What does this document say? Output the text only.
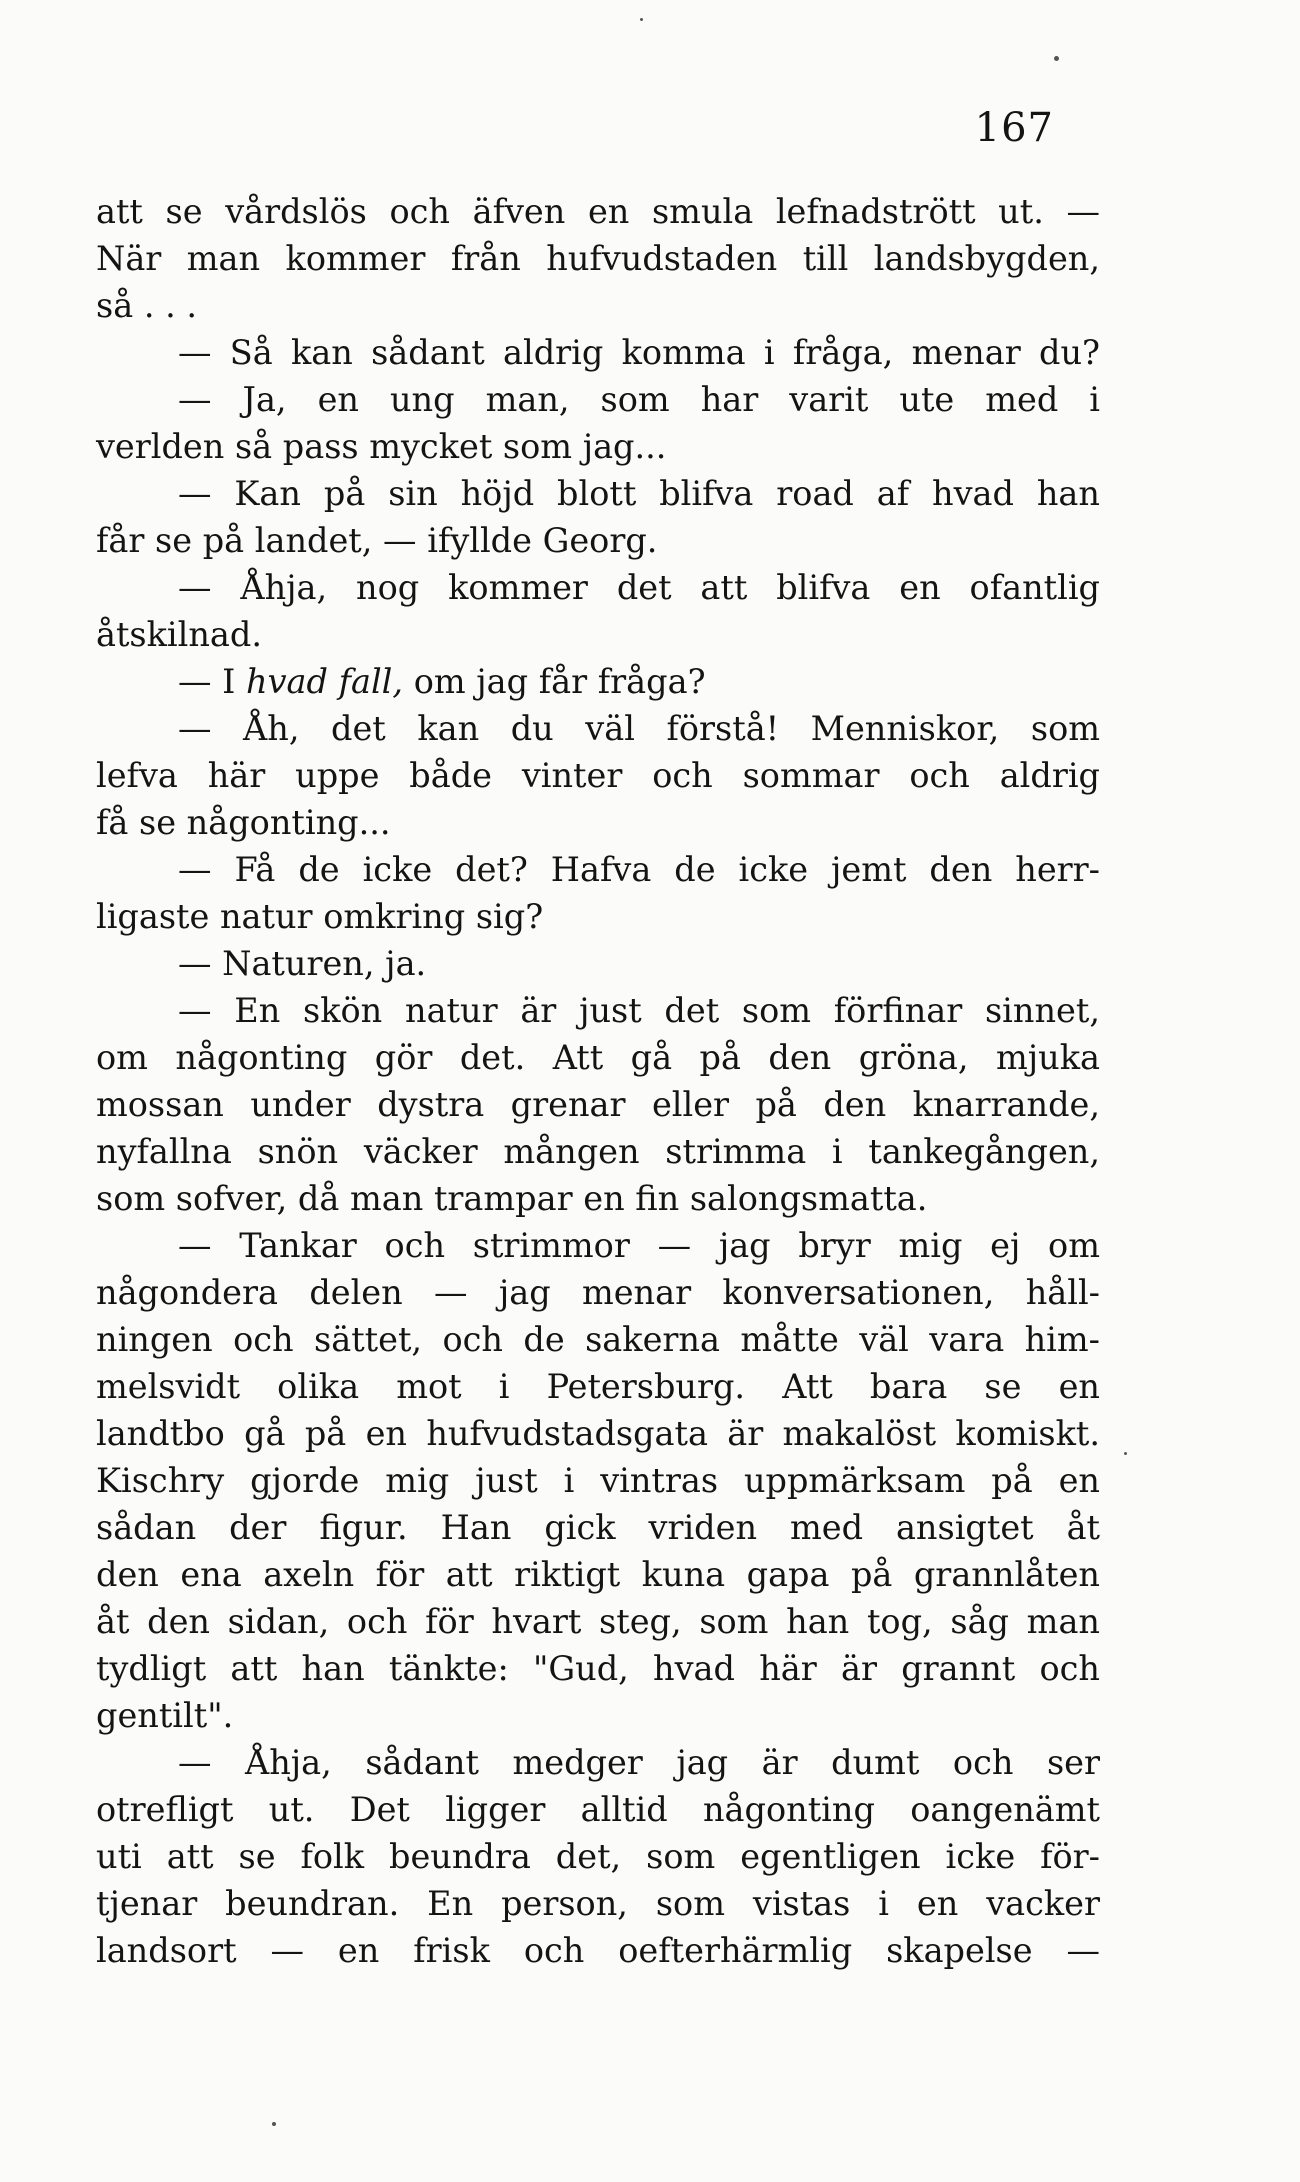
167
att se vårdslös och äfven en smula lefnadstrött ut. —
När man kommer från hufvudstaden till landsbygden,
så . . .
— Så kan sådant aldrig komma i fråga, menar du?
— Ja, en ung man, som har varit ute med i
verlden så pass mycket som jag...
— Kan på sin höjd blott blifva road af hvad han
får se på landet, — ifyllde Georg.
— Åhja, nog kommer det att blifva en ofantlig
åtskilnad.
— I hvad fall, om jag får fråga?
— Åh, det kan du väl förstå! Menniskor, som
lefva här uppe både vinter och sommar och aldrig
få se någonting...
— Få de icke det? Hafva de icke jemt den herr-
ligaste natur omkring sig?
— Naturen, ja.
— En skön natur är just det som förfinar sinnet,
om någonting gör det. Att gå på den gröna, mjuka
mossan under dystra grenar eller på den knarrande,
nyfallna snön väcker mången strimma i tankegången,
som sofver, då man trampar en fin salongsmatta.
— Tankar och strimmor — jag bryr mig ej om
någondera delen — jag menar konversationen, håll-
ningen och sättet, och de sakerna måtte väl vara him-
melsvidt olika mot i Petersburg. Att bara se en
landtbo gå på en hufvudstadsgata är makalöst komiskt.
Kischry gjorde mig just i vintras uppmärksam på en
sådan der figur. Han gick vriden med ansigtet åt
den ena axeln för att riktigt kuna gapa på grannlåten
åt den sidan, och för hvart steg, som han tog, såg man
tydligt att han tänkte: "Gud, hvad här är grannt och
gentilt".
— Åhja, sådant medger jag är dumt och ser
otrefligt ut. Det ligger alltid någonting oangenämt
uti att se folk beundra det, som egentligen icke för-
tjenar beundran. En person, som vistas i en vacker
landsort — en frisk och oefterhärmlig skapelse —
